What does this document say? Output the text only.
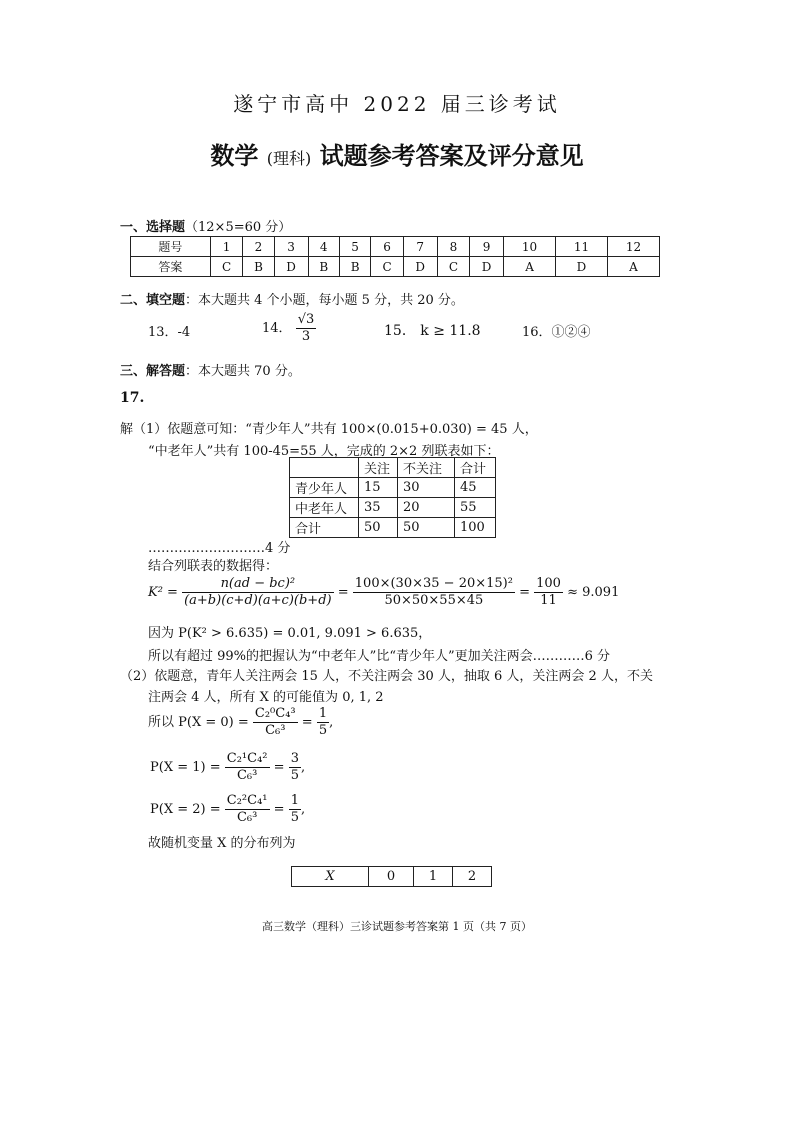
遂宁市高中 2022 届三诊考试
数学 (理科) 试题参考答案及评分意见
一、选择题（12×5=60 分）
题号	1	2	3	4	5	6	7	8	9	10	11	12
答案	C	B	D	B	B	C	D	C	D	A	D	A
二、填空题：本大题共 4 个小题，每小题 5 分，共 20 分。
13．-4	14． $\frac{√3}{3}$	15． k ≥ 11.8	16．①②④
三、解答题：本大题共 70 分。
17.
解（1）依题意可知：“青少年人”共有 100×(0.015+0.030) = 45 人，
“中老年人”共有 100-45=55 人，完成的 2×2 列联表如下：
	关注	不关注	合计
青少年人	15	30	45
中老年人	35	20	55
合计	50	50	100
………………………4 分
结合列联表的数据得：
$K^2 = \frac{\text{n(ad − bc)²}}{(a+b)(c+d)(a+c)(b+d)} = \frac{\text{100×(30×35 − 20×15)²}}{50\times 50\times 55\times 45} = \frac{100}{11} \approx 9.091$
因为 P(K² > 6.635) = 0.01, 9.091 > 6.635，
所以有超过 99%的把握认为“中老年人”比“青少年人”更加关注两会…………6 分
（2）依题意，青年人关注两会 15 人，不关注两会 30 人，抽取 6 人，关注两会 2 人，不关
注两会 4 人，所有 X 的可能值为 0, 1, 2
所以 $P(X = 0) = \frac{\text{C₂⁰C₄³}}{\text{C₆³}} = \frac{1}{5}$ ,
$P(X = 1) = \frac{\text{C₂¹C₄²}}{\text{C₆³}} = \frac{3}{5}$ ,
$P(X = 2) = \frac{\text{C₂²C₄¹}}{\text{C₆³}} = \frac{1}{5}$ ,
故随机变量 X 的分布列为
X	0	1	2
高三数学（理科）三诊试题参考答案第 1 页（共 7 页）
